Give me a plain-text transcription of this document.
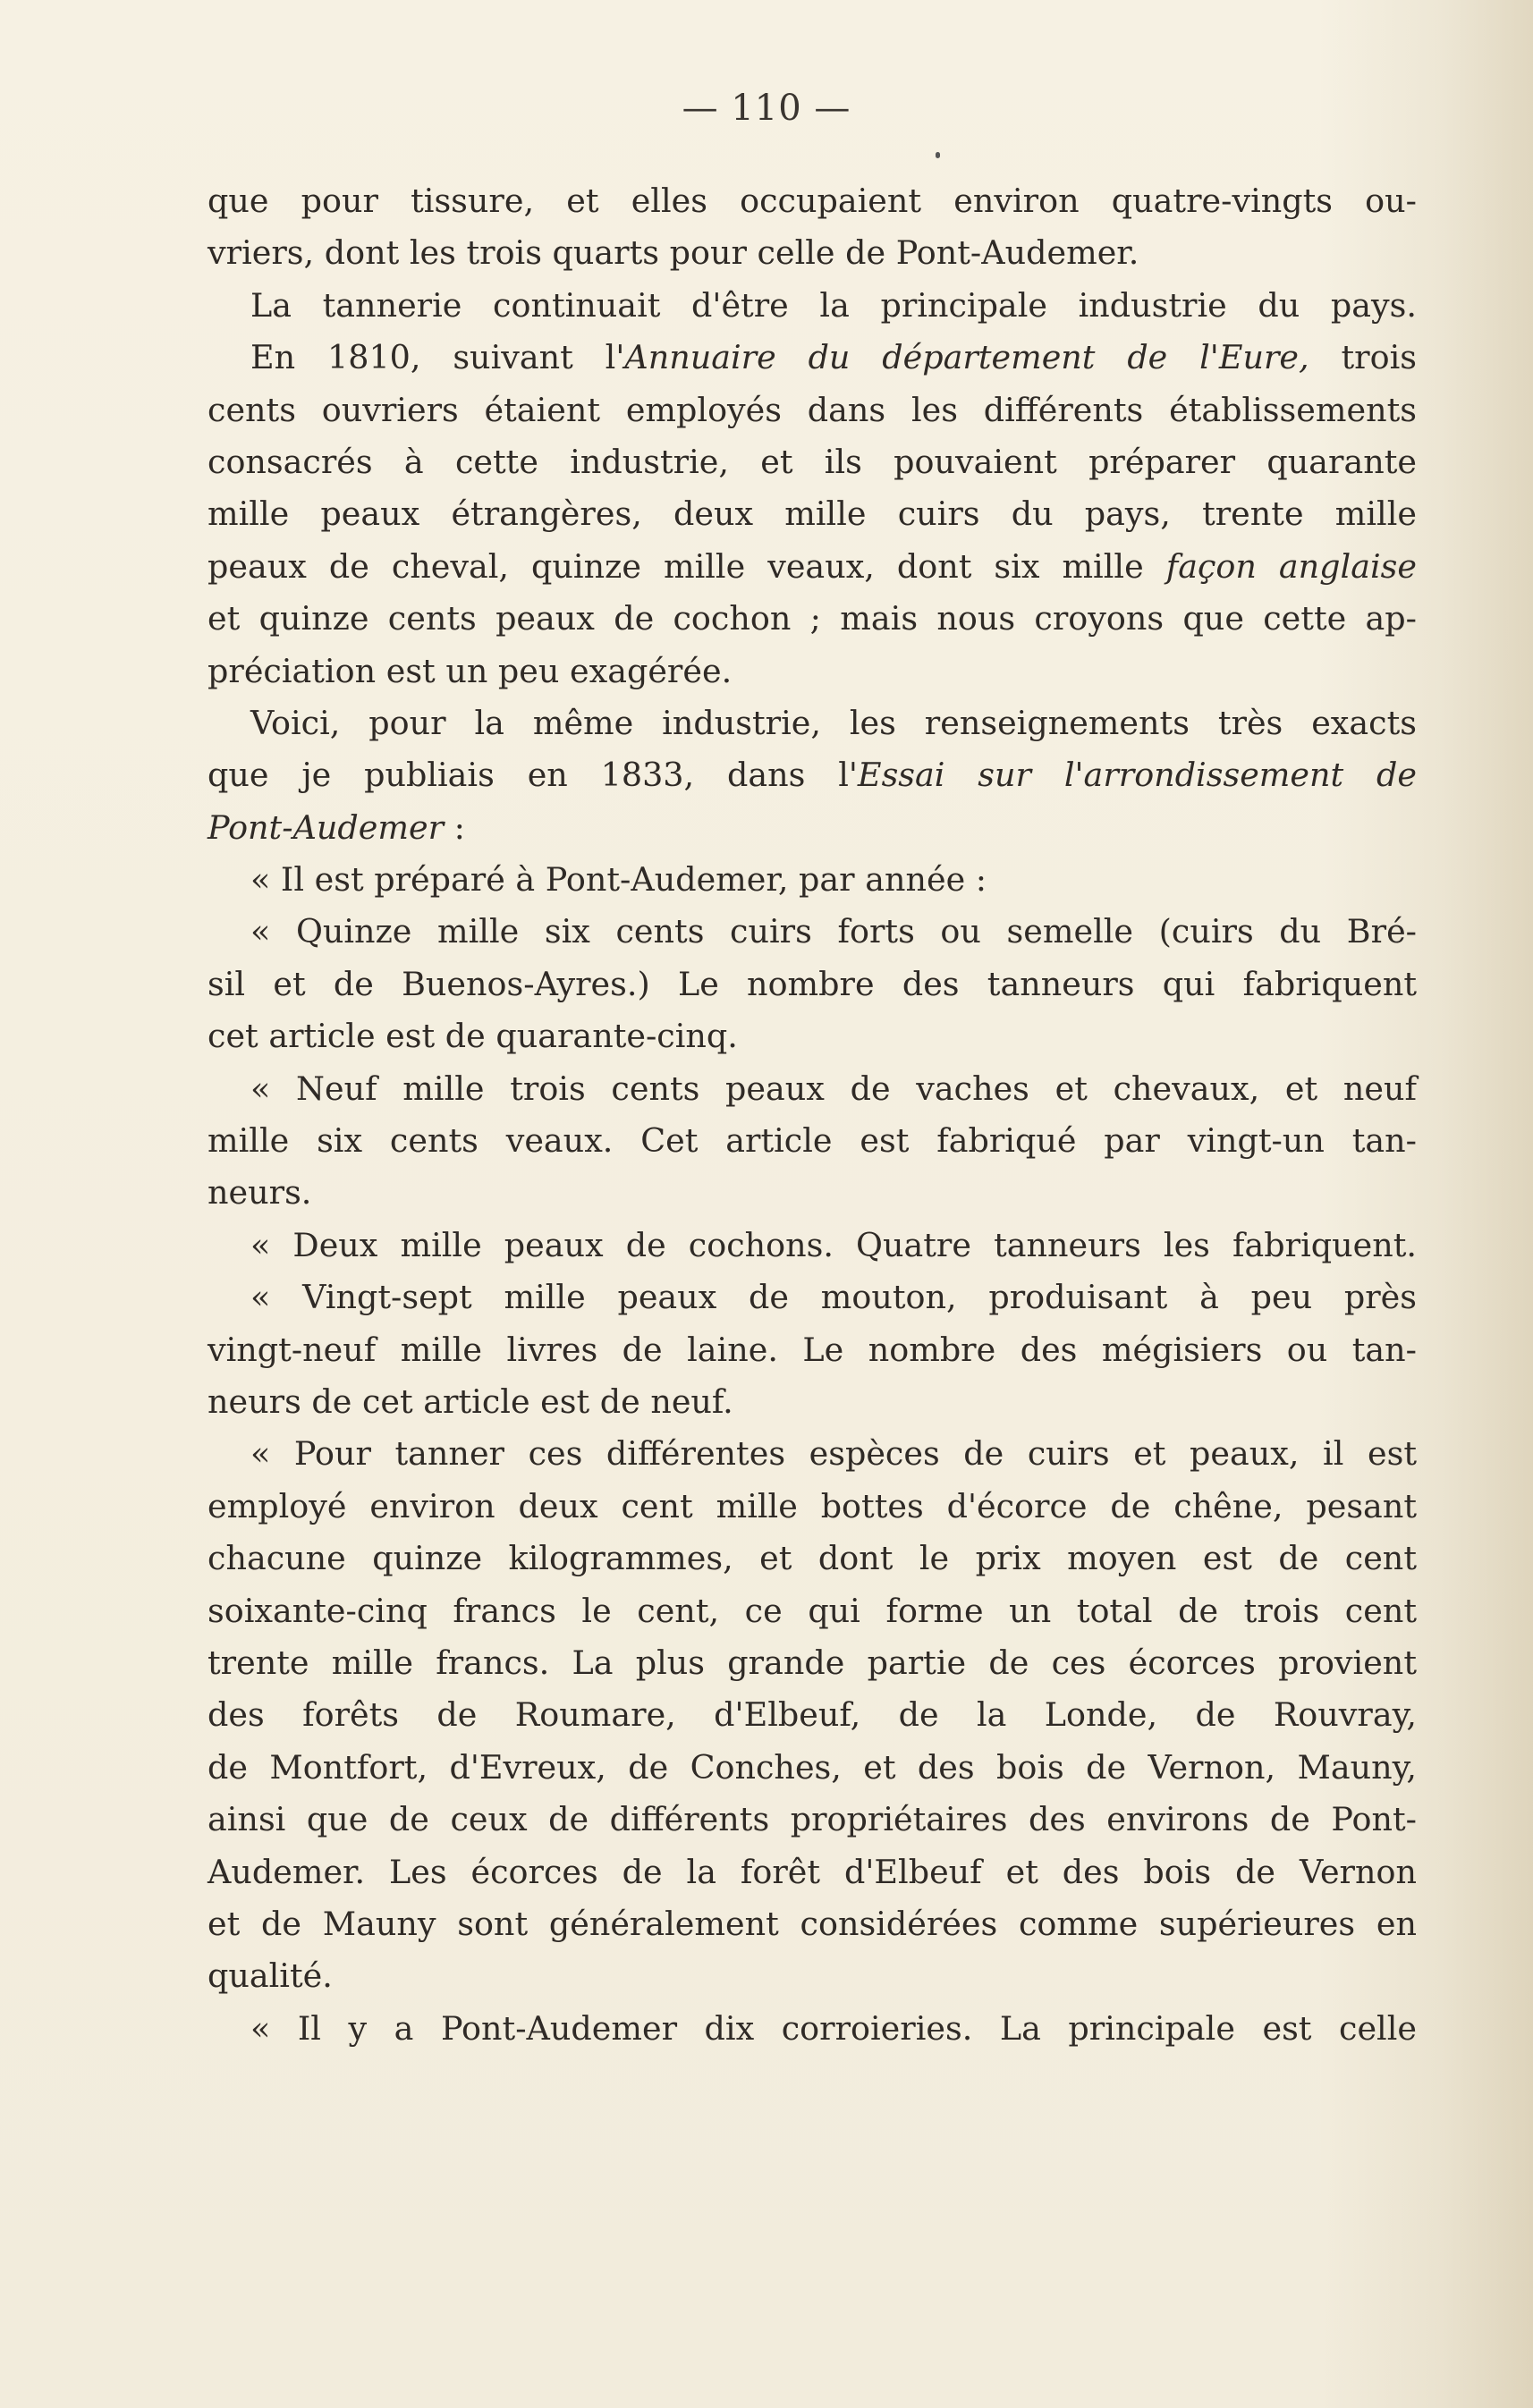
— 110 —
que pour tissure, et elles occupaient environ quatre-vingts ou-
vriers, dont les trois quarts pour celle de Pont-Audemer.
La tannerie continuait d'être la principale industrie du pays.
En 1810, suivant l'Annuaire du département de l'Eure, trois
cents ouvriers étaient employés dans les différents établissements
consacrés à cette industrie, et ils pouvaient préparer quarante
mille peaux étrangères, deux mille cuirs du pays, trente mille
peaux de cheval, quinze mille veaux, dont six mille façon anglaise
et quinze cents peaux de cochon ; mais nous croyons que cette ap-
préciation est un peu exagérée.
Voici, pour la même industrie, les renseignements très exacts
que je publiais en 1833, dans l'Essai sur l'arrondissement de
Pont-Audemer :
« Il est préparé à Pont-Audemer, par année :
« Quinze mille six cents cuirs forts ou semelle (cuirs du Bré-
sil et de Buenos-Ayres.) Le nombre des tanneurs qui fabriquent
cet article est de quarante-cinq.
« Neuf mille trois cents peaux de vaches et chevaux, et neuf
mille six cents veaux. Cet article est fabriqué par vingt-un tan-
neurs.
« Deux mille peaux de cochons. Quatre tanneurs les fabriquent.
« Vingt-sept mille peaux de mouton, produisant à peu près
vingt-neuf mille livres de laine. Le nombre des mégisiers ou tan-
neurs de cet article est de neuf.
« Pour tanner ces différentes espèces de cuirs et peaux, il est
employé environ deux cent mille bottes d'écorce de chêne, pesant
chacune quinze kilogrammes, et dont le prix moyen est de cent
soixante-cinq francs le cent, ce qui forme un total de trois cent
trente mille francs. La plus grande partie de ces écorces provient
des forêts de Roumare, d'Elbeuf, de la Londe, de Rouvray,
de Montfort, d'Evreux, de Conches, et des bois de Vernon, Mauny,
ainsi que de ceux de différents propriétaires des environs de Pont-
Audemer. Les écorces de la forêt d'Elbeuf et des bois de Vernon
et de Mauny sont généralement considérées comme supérieures en
qualité.
« Il y a Pont-Audemer dix corroieries. La principale est celle
